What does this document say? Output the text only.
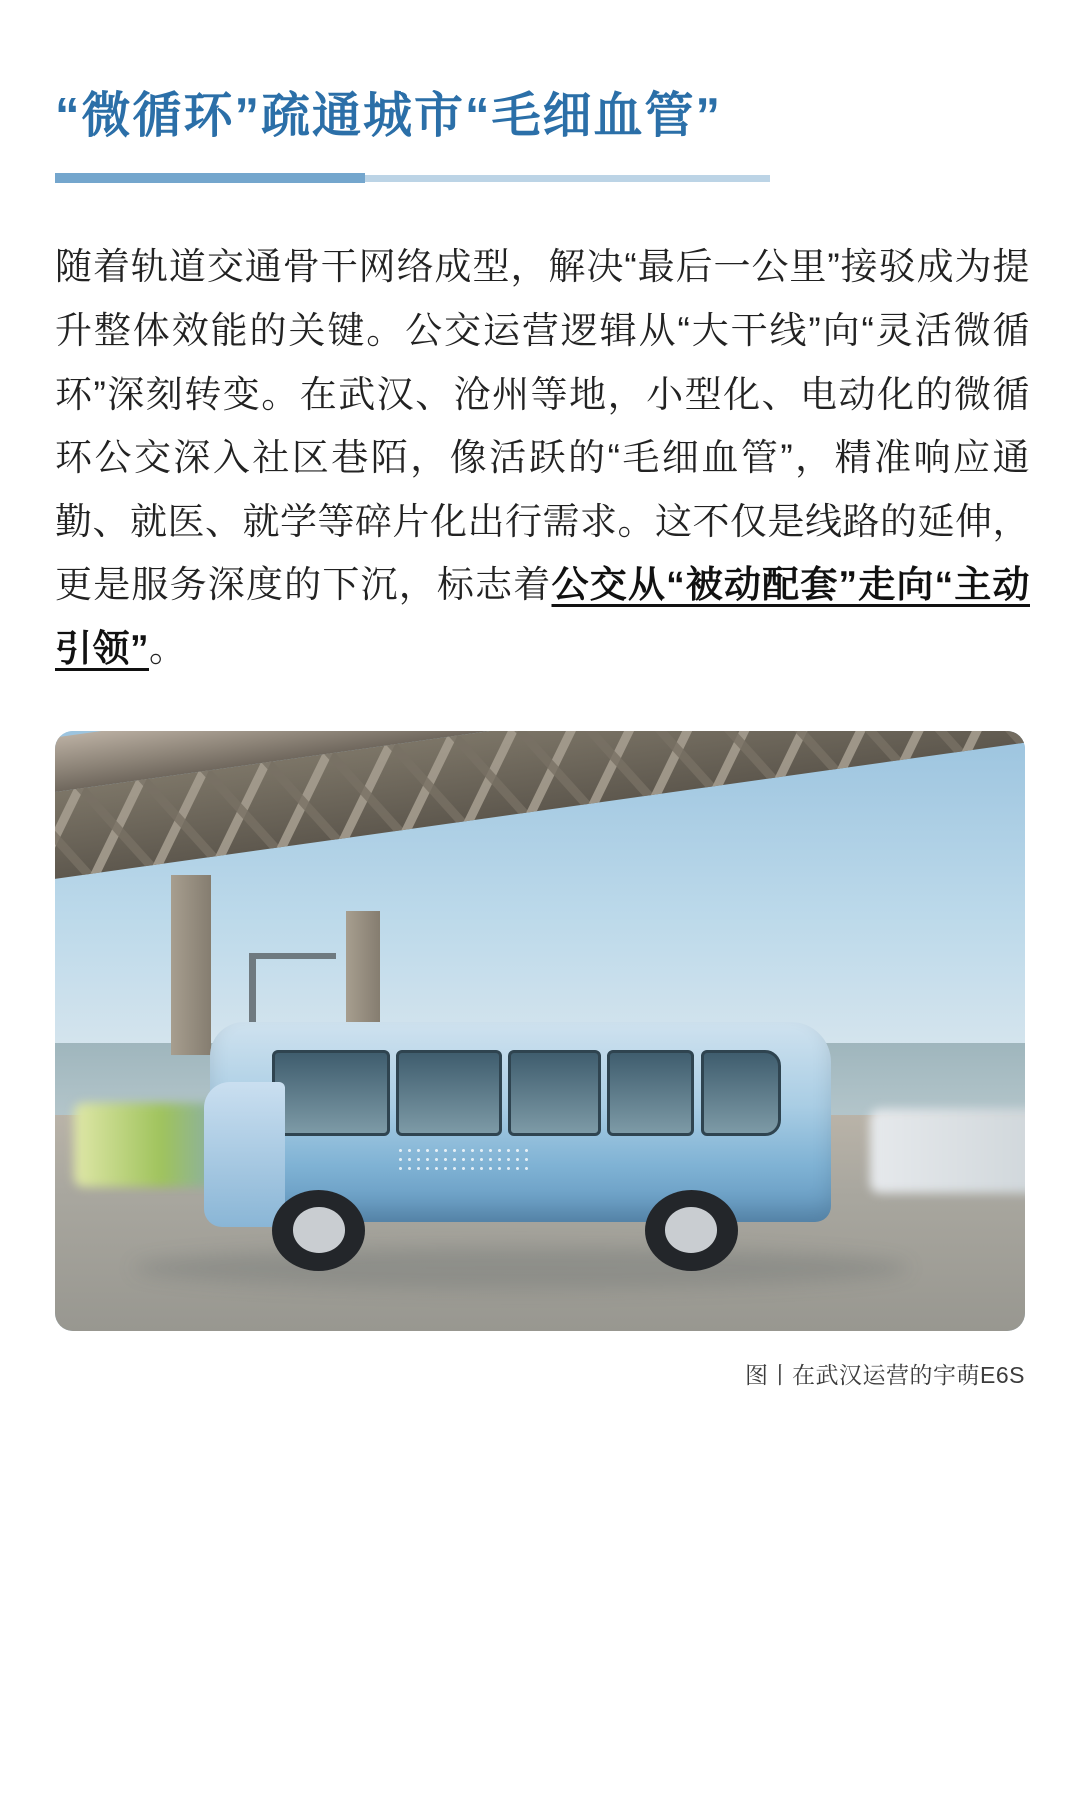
“微循环”疏通城市“毛细血管”

随着轨道交通骨干网络成型，解决“最后一公里”接驳成为提升整体效能的关键。公交运营逻辑从“大干线”向“灵活微循环”深刻转变。在武汉、沧州等地，小型化、电动化的微循环公交深入社区巷陌，像活跃的“毛细血管”，精准响应通勤、就医、就学等碎片化出行需求。这不仅是线路的延伸，更是服务深度的下沉，标志着公交从“被动配套”走向“主动引领”。

图丨在武汉运营的宇萌E6S
